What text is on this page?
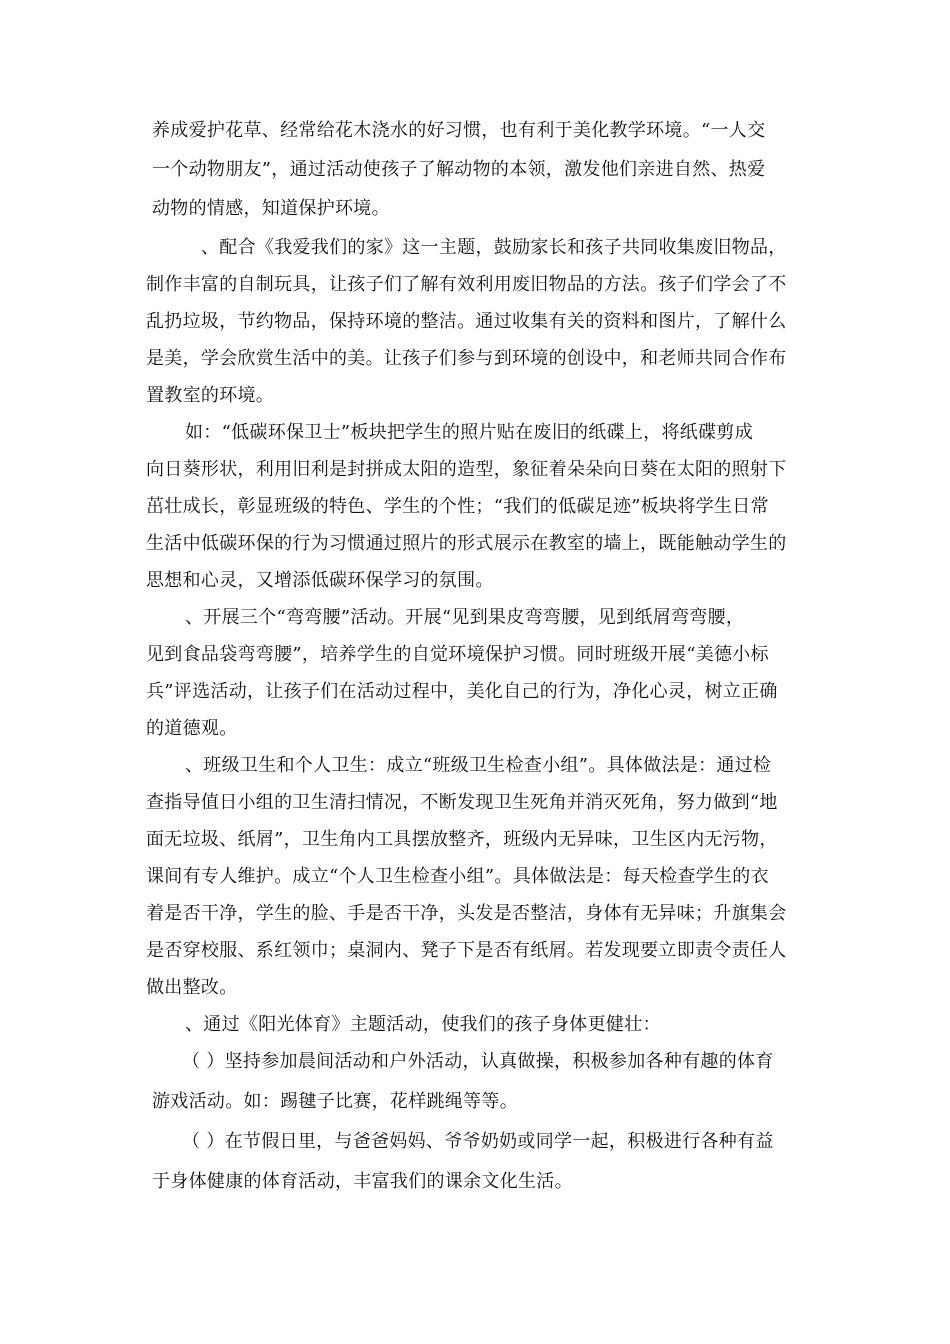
养成爱护花草、经常给花木浇水的好习惯，也有利于美化教学环境。“一人交
一个动物朋友”，通过活动使孩子了解动物的本领，激发他们亲进自然、热爱
动物的情感，知道保护环境。
、配合《我爱我们的家》这一主题，鼓励家长和孩子共同收集废旧物品，
制作丰富的自制玩具，让孩子们了解有效利用废旧物品的方法。孩子们学会了不
乱扔垃圾，节约物品，保持环境的整洁。通过收集有关的资料和图片，了解什么
是美，学会欣赏生活中的美。让孩子们参与到环境的创设中，和老师共同合作布
置教室的环境。
如：“低碳环保卫士”板块把学生的照片贴在废旧的纸碟上，将纸碟剪成
向日葵形状，利用旧利是封拼成太阳的造型，象征着朵朵向日葵在太阳的照射下
茁壮成长，彰显班级的特色、学生的个性；“我们的低碳足迹”板块将学生日常
生活中低碳环保的行为习惯通过照片的形式展示在教室的墙上，既能触动学生的
思想和心灵，又增添低碳环保学习的氛围。
、开展三个“弯弯腰”活动。开展“见到果皮弯弯腰，见到纸屑弯弯腰，
见到食品袋弯弯腰”，培养学生的自觉环境保护习惯。同时班级开展“美德小标
兵”评选活动，让孩子们在活动过程中，美化自己的行为，净化心灵，树立正确
的道德观。
、班级卫生和个人卫生：成立“班级卫生检查小组”。具体做法是：通过检
查指导值日小组的卫生清扫情况，不断发现卫生死角并消灭死角，努力做到“地
面无垃圾、纸屑”，卫生角内工具摆放整齐，班级内无异味，卫生区内无污物，
课间有专人维护。成立“个人卫生检查小组”。具体做法是：每天检查学生的衣
着是否干净，学生的脸、手是否干净，头发是否整洁，身体有无异味；升旗集会
是否穿校服、系红领巾；桌洞内、凳子下是否有纸屑。若发现要立即责令责任人
做出整改。
、通过《阳光体育》主题活动，使我们的孩子身体更健壮：
（ ）坚持参加晨间活动和户外活动，认真做操，积极参加各种有趣的体育
游戏活动。如：踢毽子比赛，花样跳绳等等。
（ ）在节假日里，与爸爸妈妈、爷爷奶奶或同学一起，积极进行各种有益
于身体健康的体育活动，丰富我们的课余文化生活。
